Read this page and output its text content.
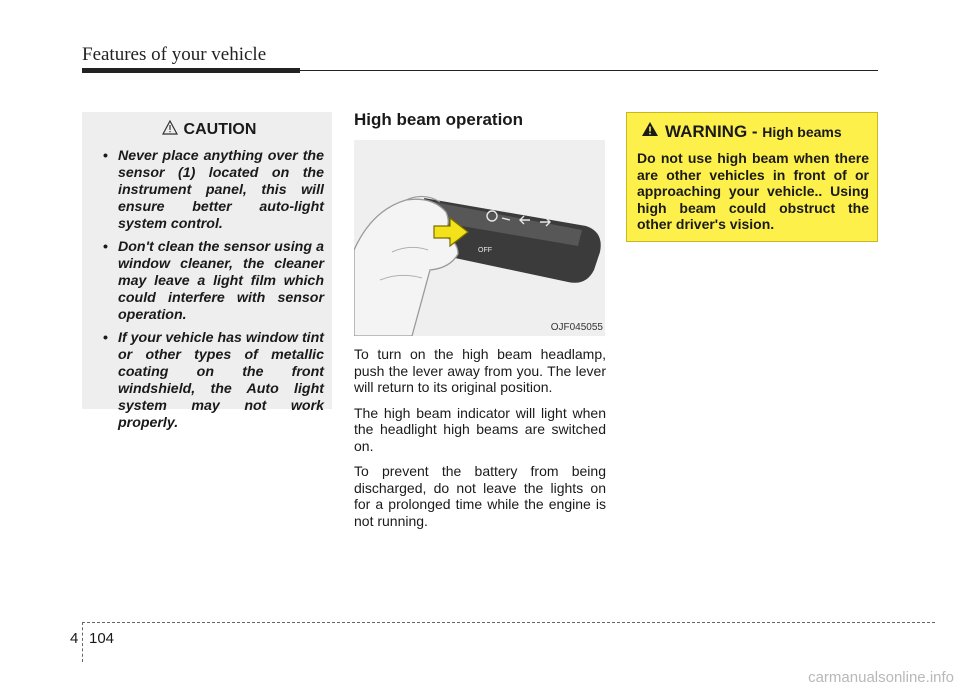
Features of your vehicle
CAUTION
• Never place anything over the sensor (1) located on the instrument panel, this will ensure better auto-light system control.
• Don't clean the sensor using a window cleaner, the cleaner may leave a light film which could interfere with sensor operation.
• If your vehicle has window tint or other types of metallic coating on the front windshield, the Auto light system may not work properly.
High beam operation
OFF
OJF045055

To turn on the high beam headlamp, push the lever away from you. The lever will return to its original position.

The high beam indicator will light when the headlight high beams are switched on.

To prevent the battery from being discharged, do not leave the lights on for a prolonged time while the engine is not running.

WARNING - High beams

Do not use high beam when there are other vehicles in front of or approaching your vehicle.. Using high beam could obstruct the other driver's vision.

4 104
carmanualsonline.info
